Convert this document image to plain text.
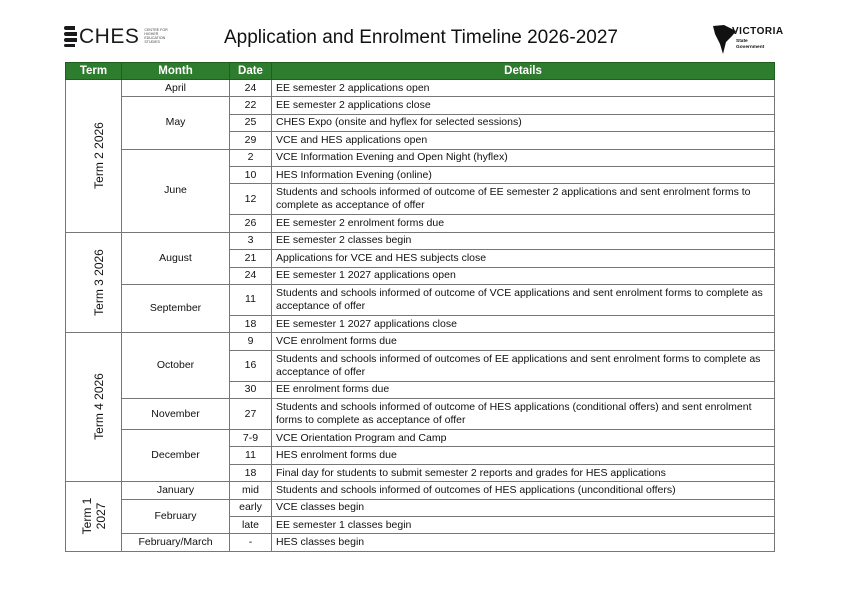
CHES CENTRE FOR HIGHER EDUCATION STUDIES	Application and Enrolment Timeline 2026-2027	VICTORIA
State Government
Term	Month	Date	Details
Term 2 2026	April	24	EE semester 2 applications open
	May	22	EE semester 2 applications close
		25	CHES Expo (onsite and hyflex for selected sessions)
		29	VCE and HES applications open
	June	2	VCE Information Evening and Open Night (hyflex)
		10	HES Information Evening (online)
		12	Students and schools informed of outcome of EE semester 2 applications and sent enrolment forms to complete as acceptance of offer
		26	EE semester 2 enrolment forms due
Term 3 2026	August	3	EE semester 2 classes begin
		21	Applications for VCE and HES subjects close
		24	EE semester 1 2027 applications open
	September	11	Students and schools informed of outcome of VCE applications and sent enrolment forms to complete as acceptance of offer
		18	EE semester 1 2027 applications close
Term 4 2026	October	9	VCE enrolment forms due
		16	Students and schools informed of outcomes of EE applications and sent enrolment forms to complete as acceptance of offer
		30	EE enrolment forms due
	November	27	Students and schools informed of outcome of HES applications (conditional offers) and sent enrolment forms to complete as acceptance of offer
	December	7-9	VCE Orientation Program and Camp
		11	HES enrolment forms due
		18	Final day for students to submit semester 2 reports and grades for HES applications
Term 1 2027	January	mid	Students and schools informed of outcomes of HES applications (unconditional offers)
	February	early	VCE classes begin
		late	EE semester 1 classes begin
	February/March	-	HES classes begin
